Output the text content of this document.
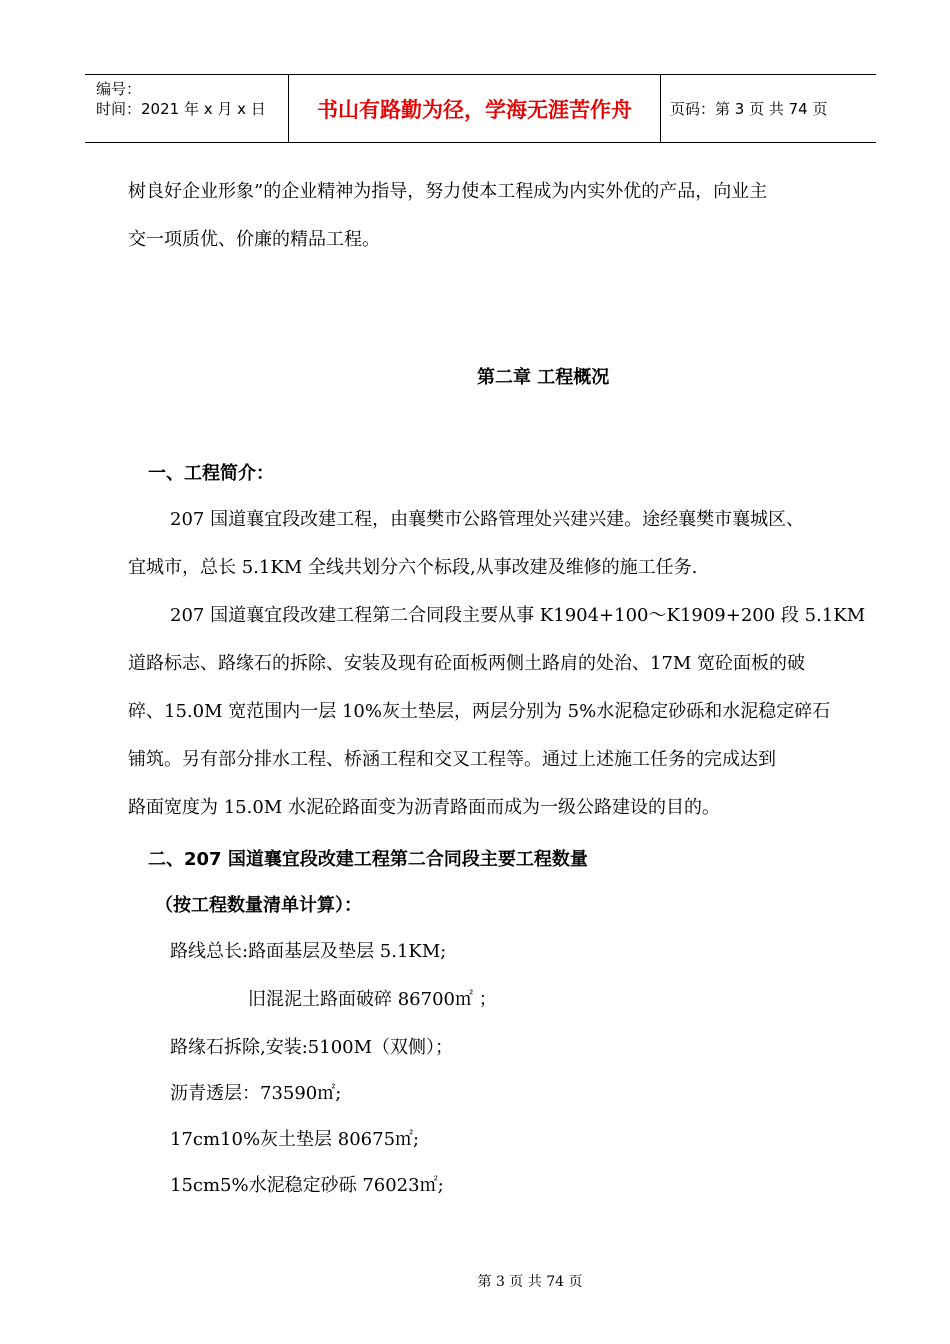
编号：
时间：2021 年 x 月 x 日	书山有路勤为径，学海无涯苦作舟	页码：第 3 页 共 74 页
树良好企业形象”的企业精神为指导，努力使本工程成为内实外优的产品，向业主
交一项质优、价廉的精品工程。
第二章 工程概况
一、工程简介：
207 国道襄宜段改建工程，由襄樊市公路管理处兴建兴建。途经襄樊市襄城区、
宜城市，总长 5.1KM 全线共划分六个标段,从事改建及维修的施工任务.
207 国道襄宜段改建工程第二合同段主要从事 K1904+100～K1909+200 段 5.1KM
道路标志、路缘石的拆除、安装及现有砼面板两侧土路肩的处治、17M 宽砼面板的破
碎、15.0M 宽范围内一层 10%灰土垫层，两层分别为 5%水泥稳定砂砾和水泥稳定碎石
铺筑。另有部分排水工程、桥涵工程和交叉工程等。通过上述施工任务的完成达到
路面宽度为 15.0M 水泥砼路面变为沥青路面而成为一级公路建设的目的。
二、207 国道襄宜段改建工程第二合同段主要工程数量
（按工程数量清单计算）：
路线总长:路面基层及垫层 5.1KM;
旧混泥土路面破碎 86700㎡ ；
路缘石拆除,安装:5100M（双侧）；
沥青透层：73590㎡;
17cm10%灰土垫层 80675㎡;
15cm5%水泥稳定砂砾 76023㎡;
第 3 页 共 74 页
